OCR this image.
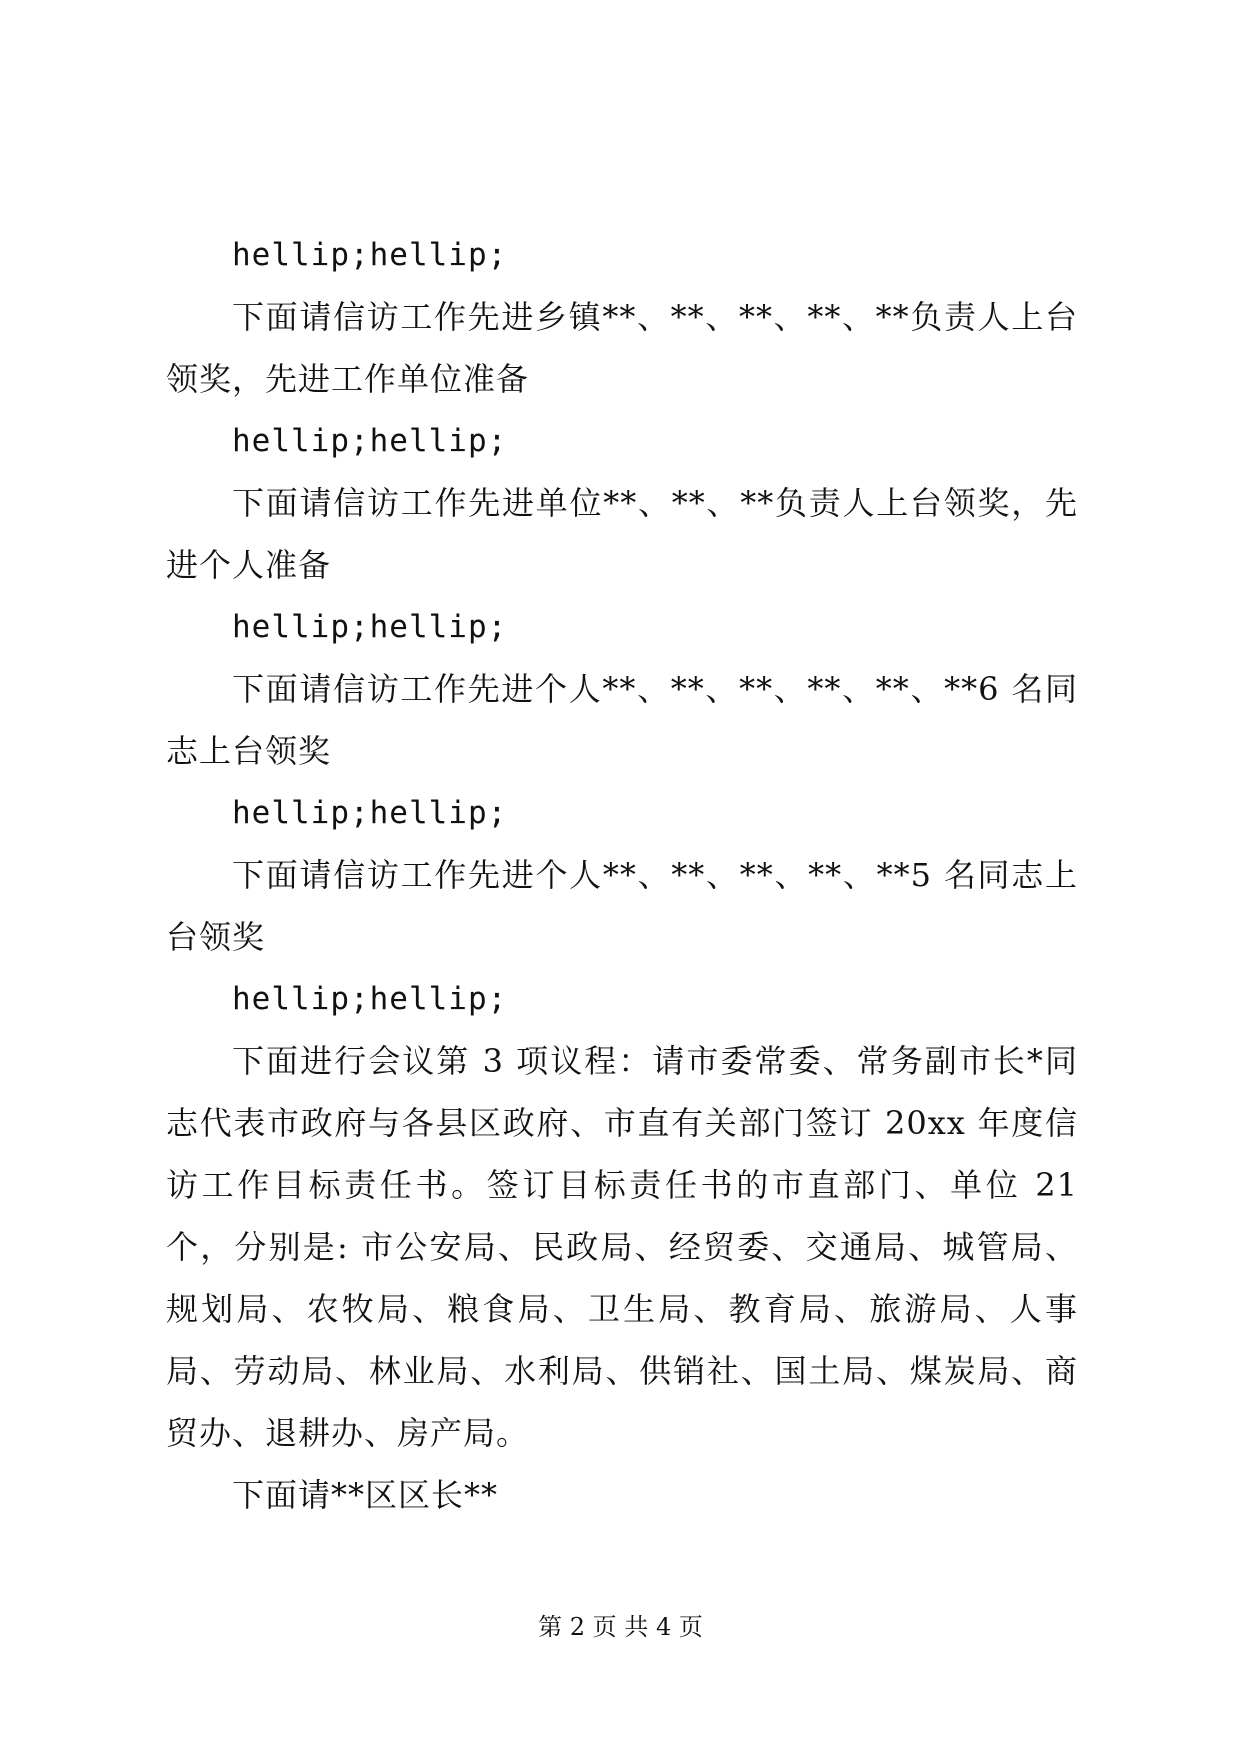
hellip;hellip;

下面请信访工作先进乡镇**、**、**、**、**负责人上台领奖，先进工作单位准备

hellip;hellip;

下面请信访工作先进单位**、**、**负责人上台领奖，先进个人准备

hellip;hellip;

下面请信访工作先进个人**、**、**、**、**、**6 名同志上台领奖

hellip;hellip;

下面请信访工作先进个人**、**、**、**、**5 名同志上台领奖

hellip;hellip;

下面进行会议第 3 项议程：请市委常委、常务副市长*同志代表市政府与各县区政府、市直有关部门签订 20xx 年度信访工作目标责任书。签订目标责任书的市直部门、单位 21 个，分别是: 市公安局、民政局、经贸委、交通局、城管局、规划局、农牧局、粮食局、卫生局、教育局、旅游局、人事局、劳动局、林业局、水利局、供销社、国土局、煤炭局、商贸办、退耕办、房产局。

下面请**区区长**

第 2 页 共 4 页
